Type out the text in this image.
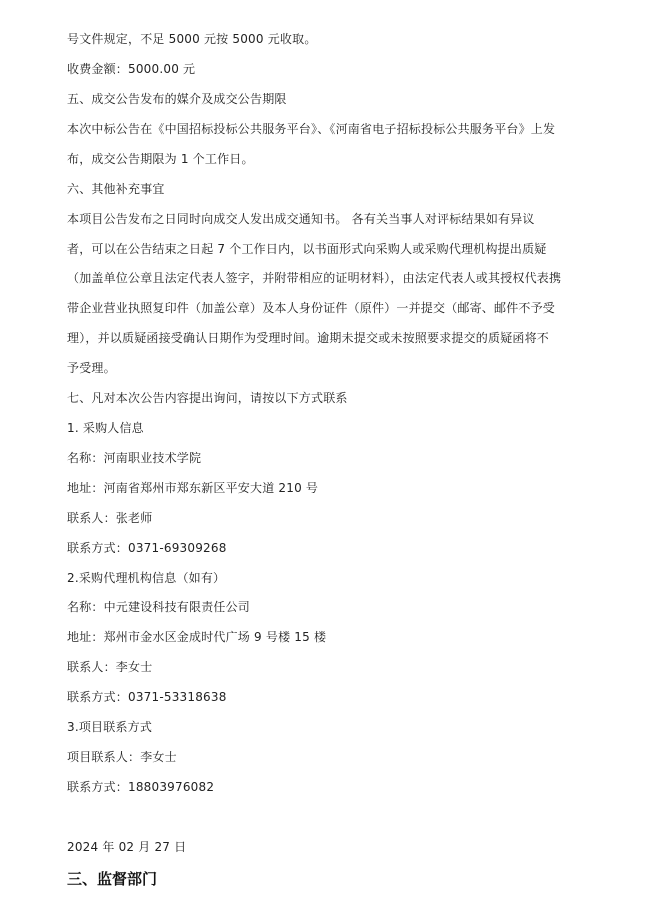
号文件规定，不足 5000 元按 5000 元收取。
收费金额：5000.00 元
五、成交公告发布的媒介及成交公告期限
本次中标公告在《中国招标投标公共服务平台》、《河南省电子招标投标公共服务平台》上发
布，成交公告期限为 1 个工作日。
六、其他补充事宜
本项目公告发布之日同时向成交人发出成交通知书。 各有关当事人对评标结果如有异议
者，可以在公告结束之日起 7 个工作日内，以书面形式向采购人或采购代理机构提出质疑
（加盖单位公章且法定代表人签字，并附带相应的证明材料），由法定代表人或其授权代表携
带企业营业执照复印件（加盖公章）及本人身份证件（原件）一并提交（邮寄、邮件不予受
理），并以质疑函接受确认日期作为受理时间。逾期未提交或未按照要求提交的质疑函将不
予受理。
七、凡对本次公告内容提出询问，请按以下方式联系
1. 采购人信息
名称：河南职业技术学院
地址：河南省郑州市郑东新区平安大道 210 号
联系人：张老师
联系方式：0371-69309268
2.采购代理机构信息（如有）
名称：中元建设科技有限责任公司
地址：郑州市金水区金成时代广场 9 号楼 15 楼
联系人：李女士
联系方式：0371-53318638
3.项目联系方式
项目联系人：李女士
联系方式：18803976082
2024 年 02 月 27 日
三、监督部门
